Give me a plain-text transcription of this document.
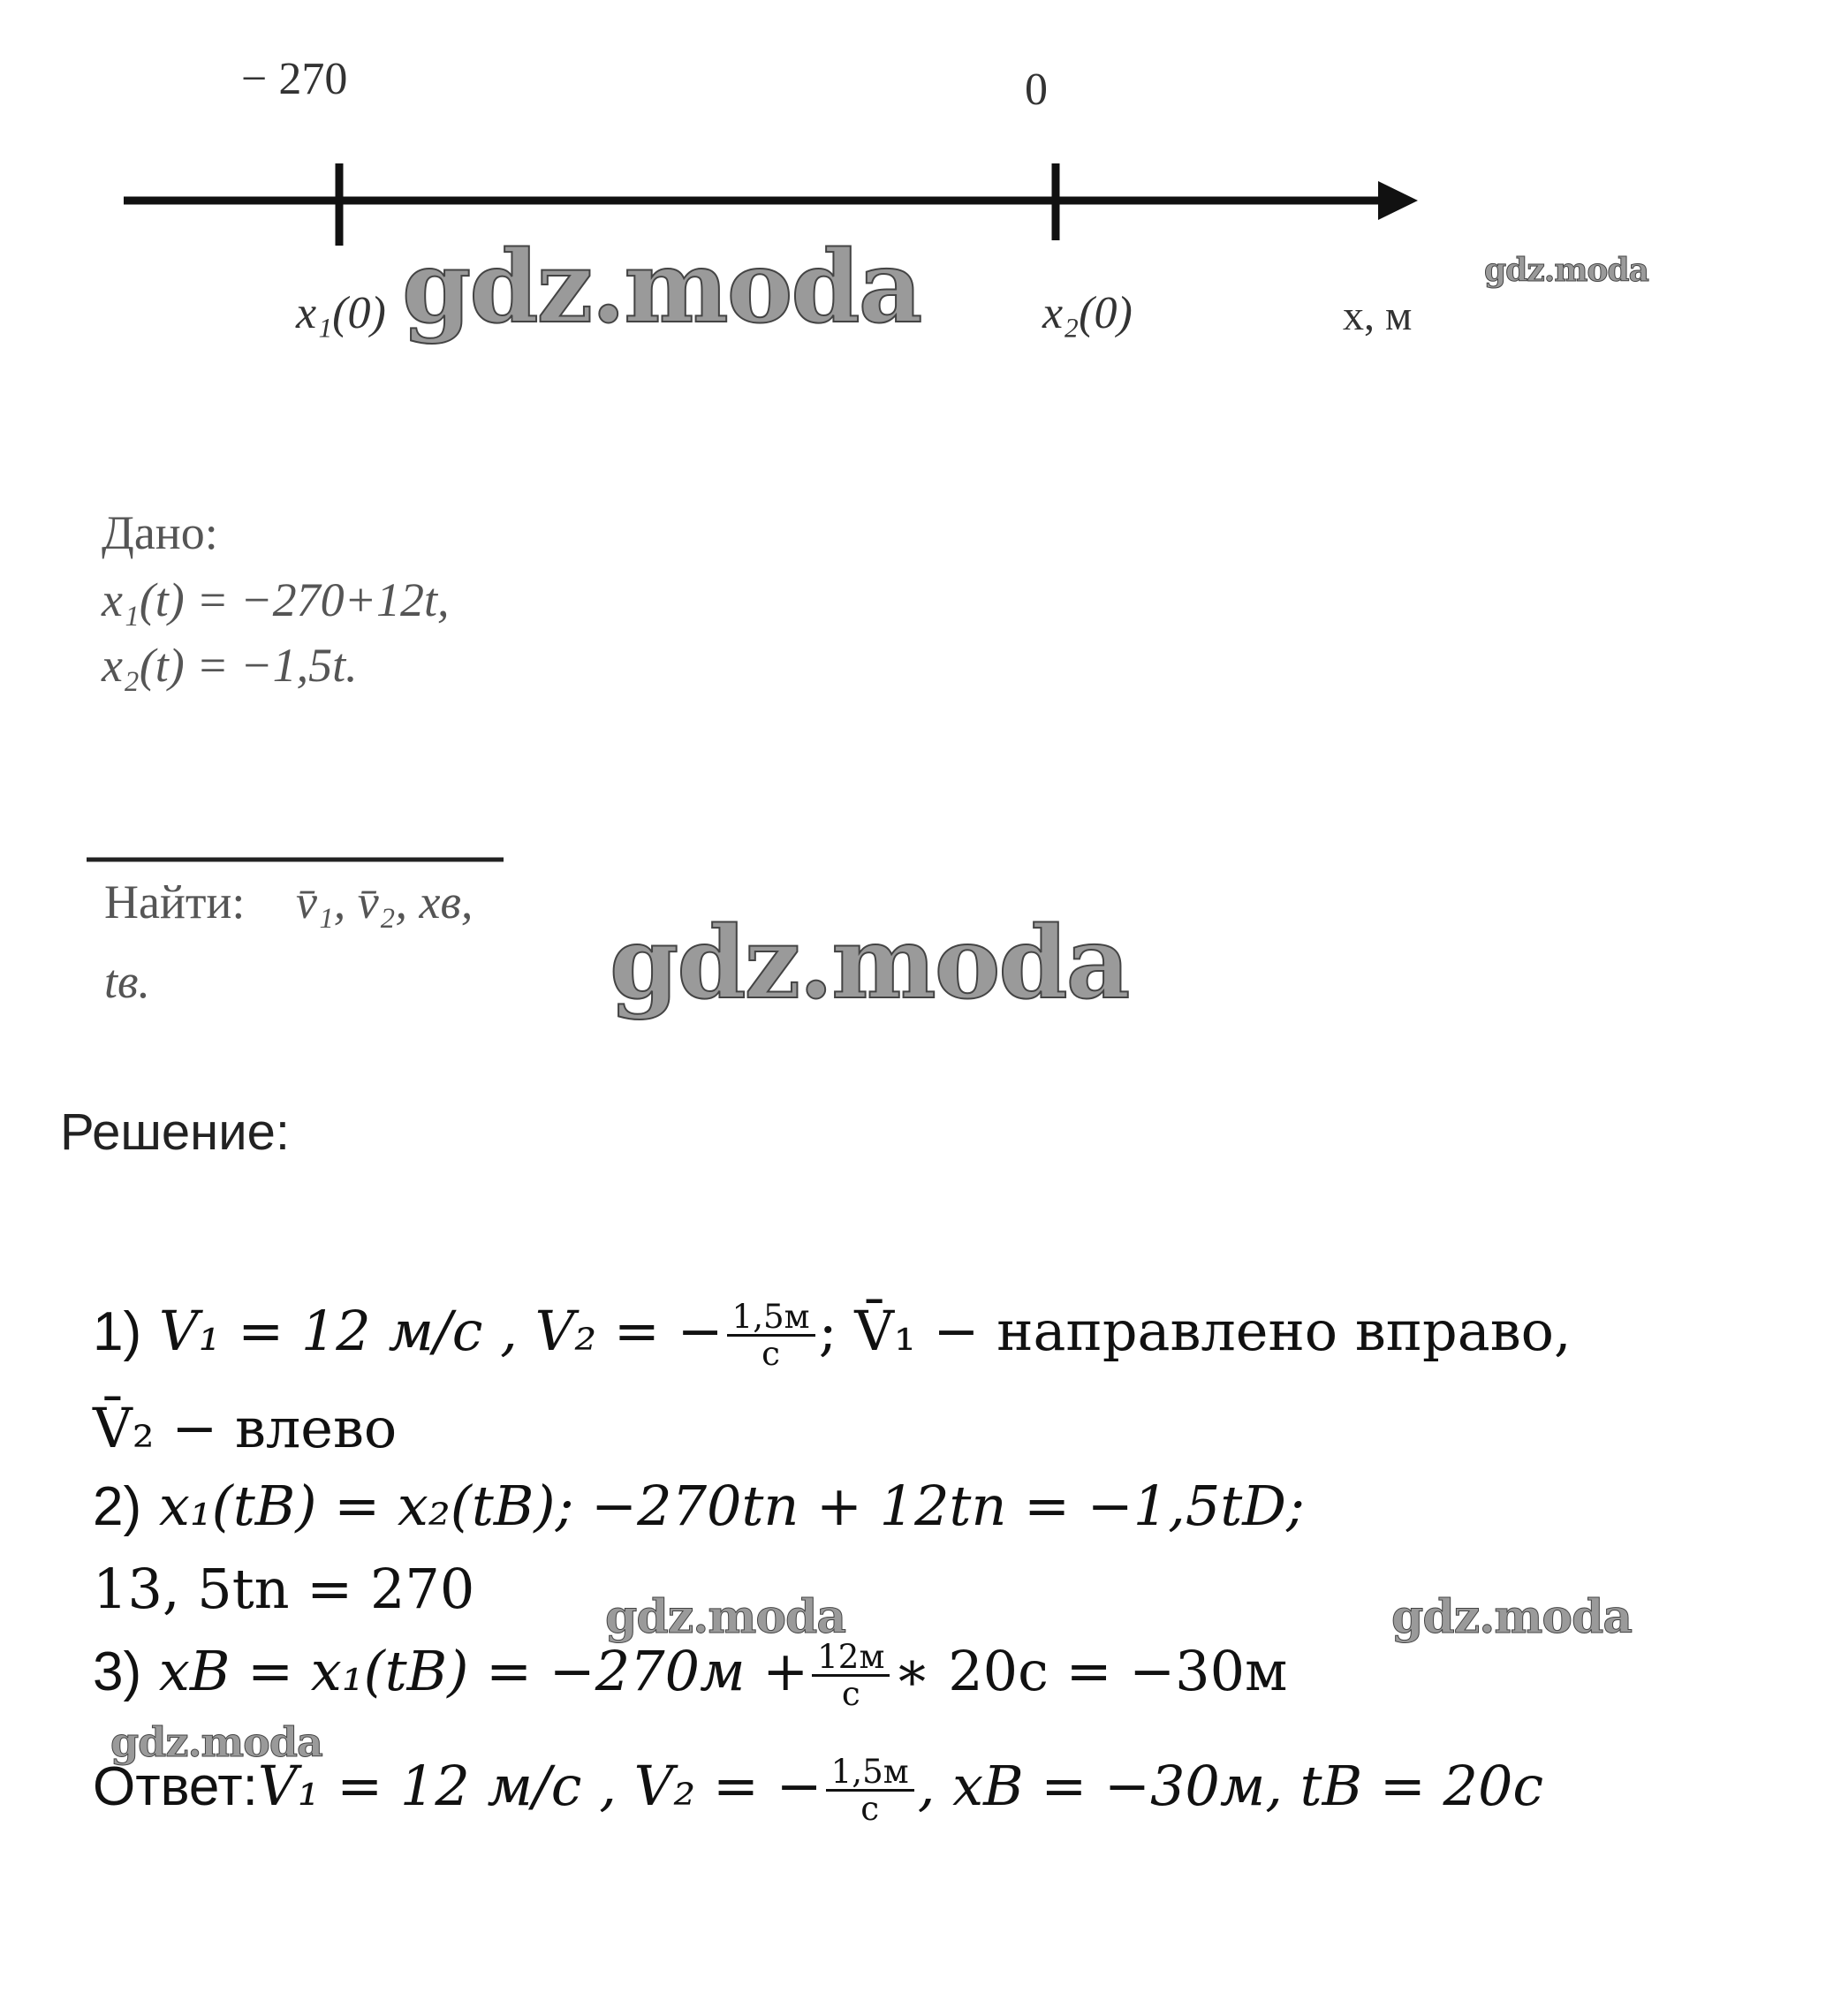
− 270	0
x₁(0)	x₂(0)	x, м
gdz.moda	gdz.moda
gdz.moda
gdz.moda	gdz.moda
gdz.moda
Дано:
x₁(t) = −270+12t,
x₂(t) = −1,5t.
Найти: v̄₁, v̄₂, xв,
tв.
Решение:
1) V₁ = 12 м/с , V₂ = − $\frac{1,5м}{с}$ ; V̄₁ − направлено вправо,
V̄₂ − влево
2) x₁(tB) = x₂(tB); −270tn + 12tn = −1,5tD;
13, 5tn = 270
3) xB = $x_1(tB) = -270м + \frac{12м}{с}$ ∗ 20с = −30м
Ответ:V₁ = 12 м/с , V₂ = − $\frac{1,5м}{с}$ , xB = −30м, tB = 20с
